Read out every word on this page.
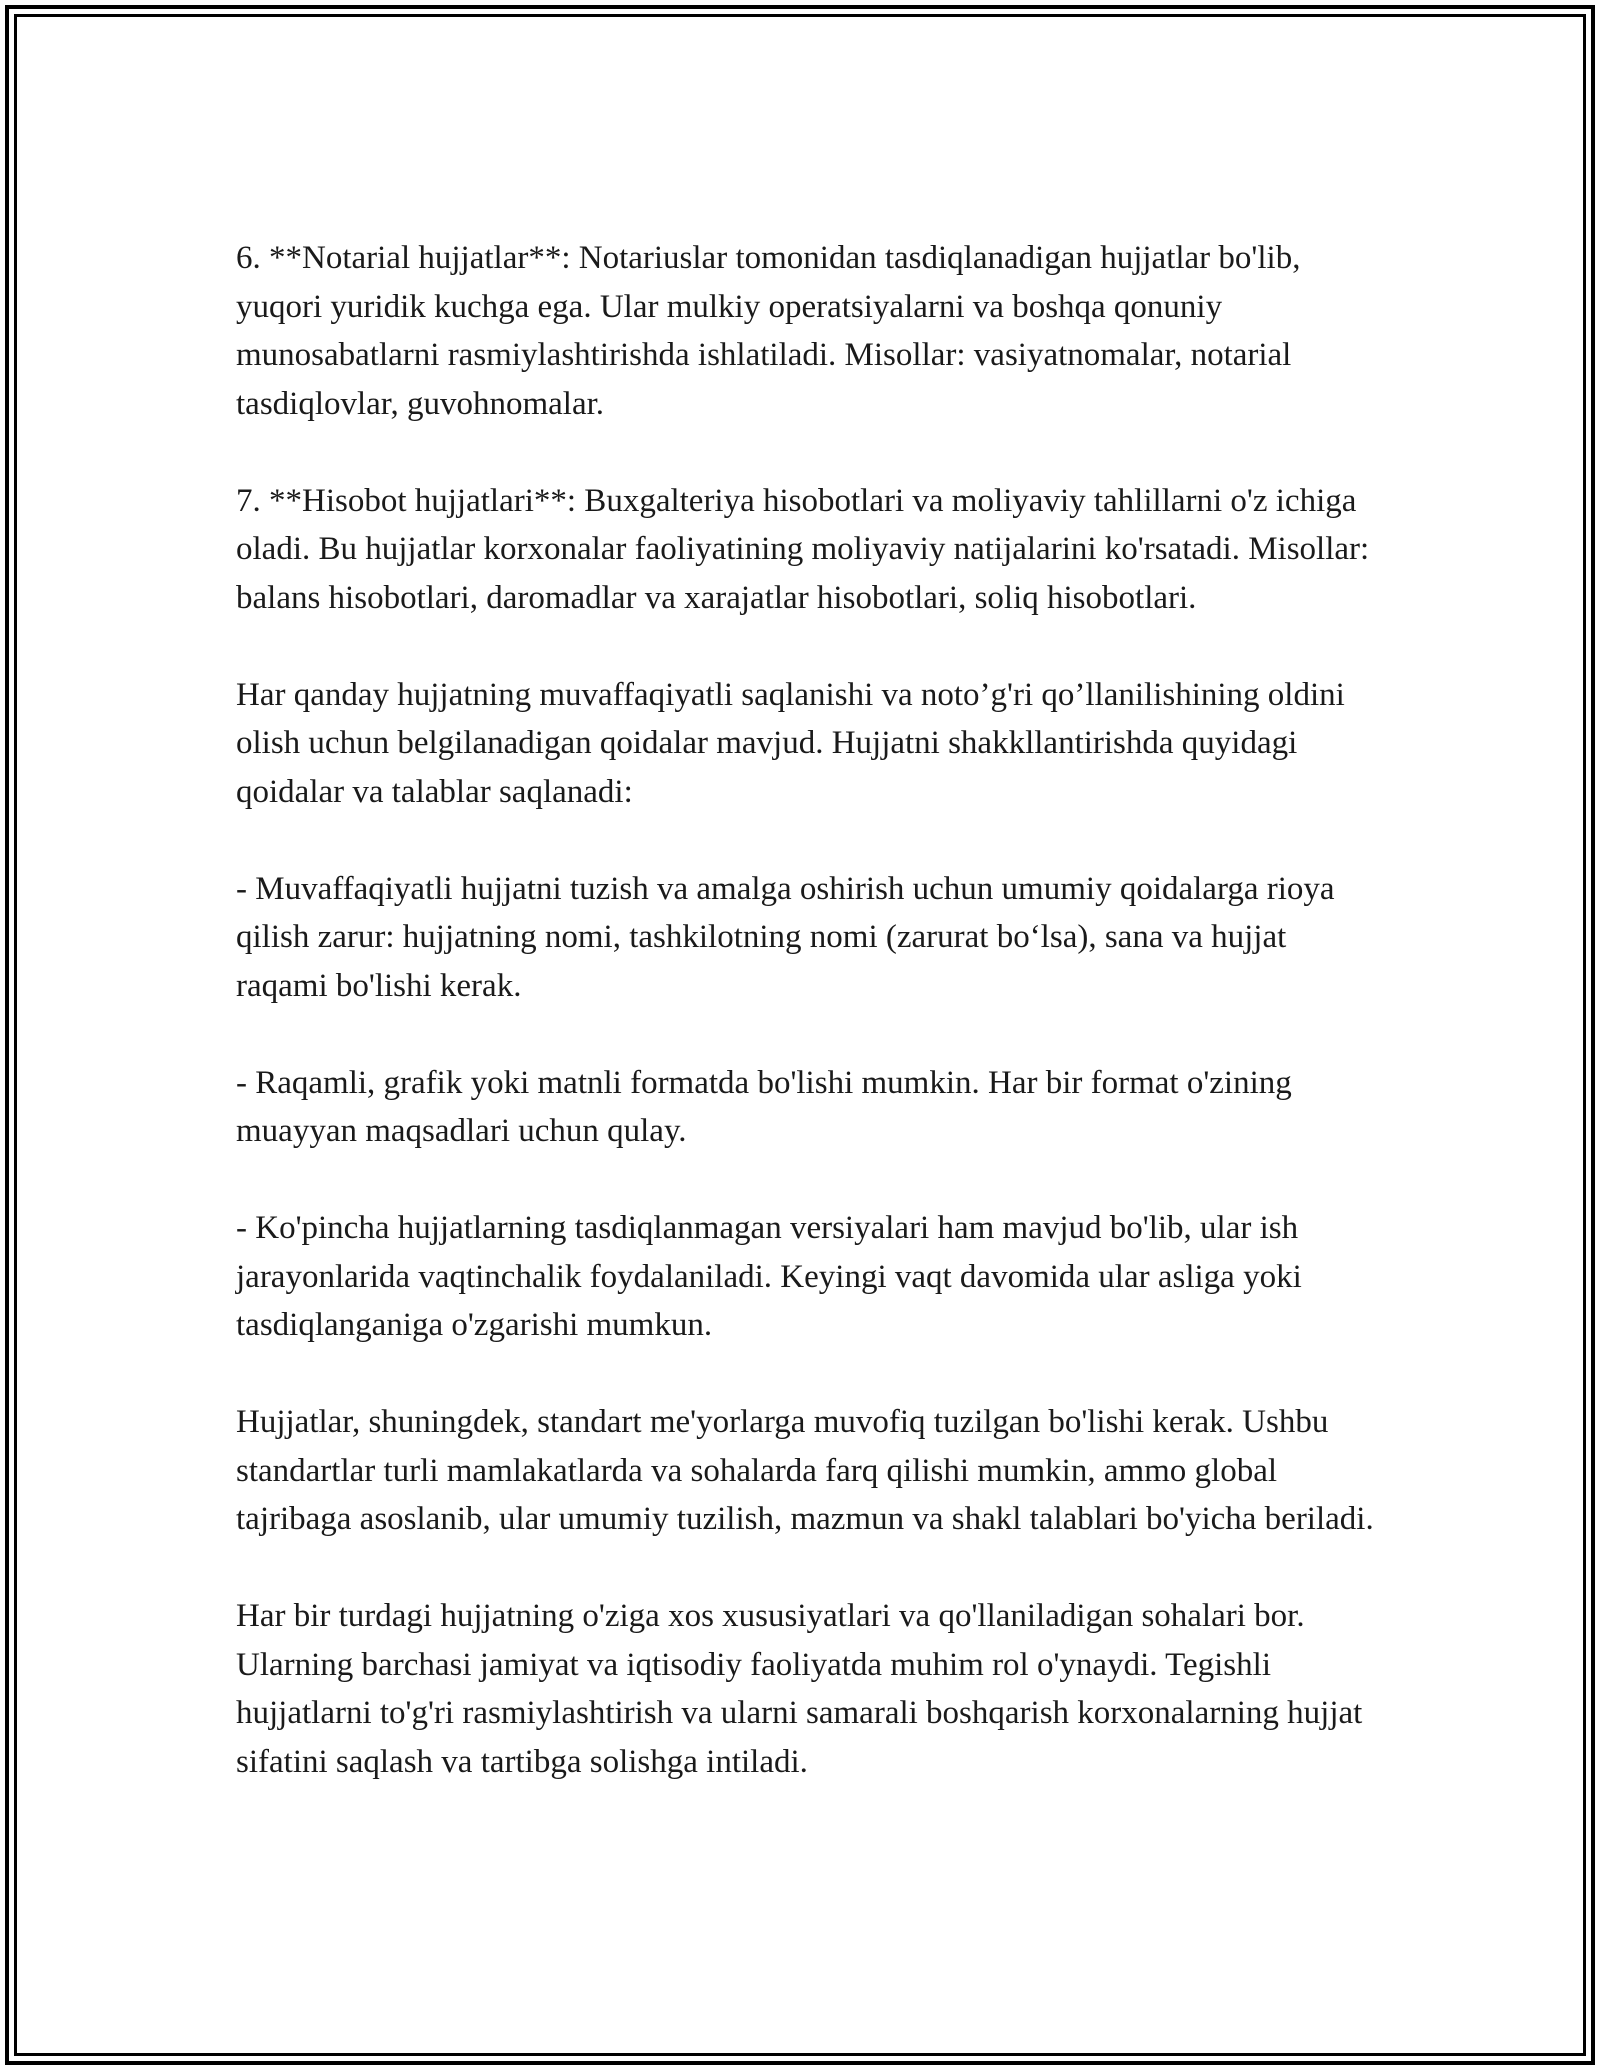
6. **Notarial hujjatlar**: Notariuslar tomonidan tasdiqlanadigan hujjatlar bo'lib, yuqori yuridik kuchga ega. Ular mulkiy operatsiyalarni va boshqa qonuniy munosabatlarni rasmiylashtirishda ishlatiladi. Misollar: vasiyatnomalar, notarial tasdiqlovlar, guvohnomalar.

7. **Hisobot hujjatlari**: Buxgalteriya hisobotlari va moliyaviy tahlillarni o'z ichiga oladi. Bu hujjatlar korxonalar faoliyatining moliyaviy natijalarini ko'rsatadi. Misollar: balans hisobotlari, daromadlar va xarajatlar hisobotlari, soliq hisobotlari.

Har qanday hujjatning muvaffaqiyatli saqlanishi va noto’g'ri qo’llanilishining oldini olish uchun belgilanadigan qoidalar mavjud. Hujjatni shakkllantirishda quyidagi qoidalar va talablar saqlanadi:

- Muvaffaqiyatli hujjatni tuzish va amalga oshirish uchun umumiy qoidalarga rioya qilish zarur: hujjatning nomi, tashkilotning nomi (zarurat bo‘lsa), sana va hujjat raqami bo'lishi kerak.

- Raqamli, grafik yoki matnli formatda bo'lishi mumkin. Har bir format o'zining muayyan maqsadlari uchun qulay.

- Ko'pincha hujjatlarning tasdiqlanmagan versiyalari ham mavjud bo'lib, ular ish jarayonlarida vaqtinchalik foydalaniladi. Keyingi vaqt davomida ular asliga yoki tasdiqlanganiga o'zgarishi mumkun.

Hujjatlar, shuningdek, standart me'yorlarga muvofiq tuzilgan bo'lishi kerak. Ushbu standartlar turli mamlakatlarda va sohalarda farq qilishi mumkin, ammo global tajribaga asoslanib, ular umumiy tuzilish, mazmun va shakl talablari bo'yicha beriladi.

Har bir turdagi hujjatning o'ziga xos xususiyatlari va qo'llaniladigan sohalari bor. Ularning barchasi jamiyat va iqtisodiy faoliyatda muhim rol o'ynaydi. Tegishli hujjatlarni to'g'ri rasmiylashtirish va ularni samarali boshqarish korxonalarning hujjat sifatini saqlash va tartibga solishga intiladi.
